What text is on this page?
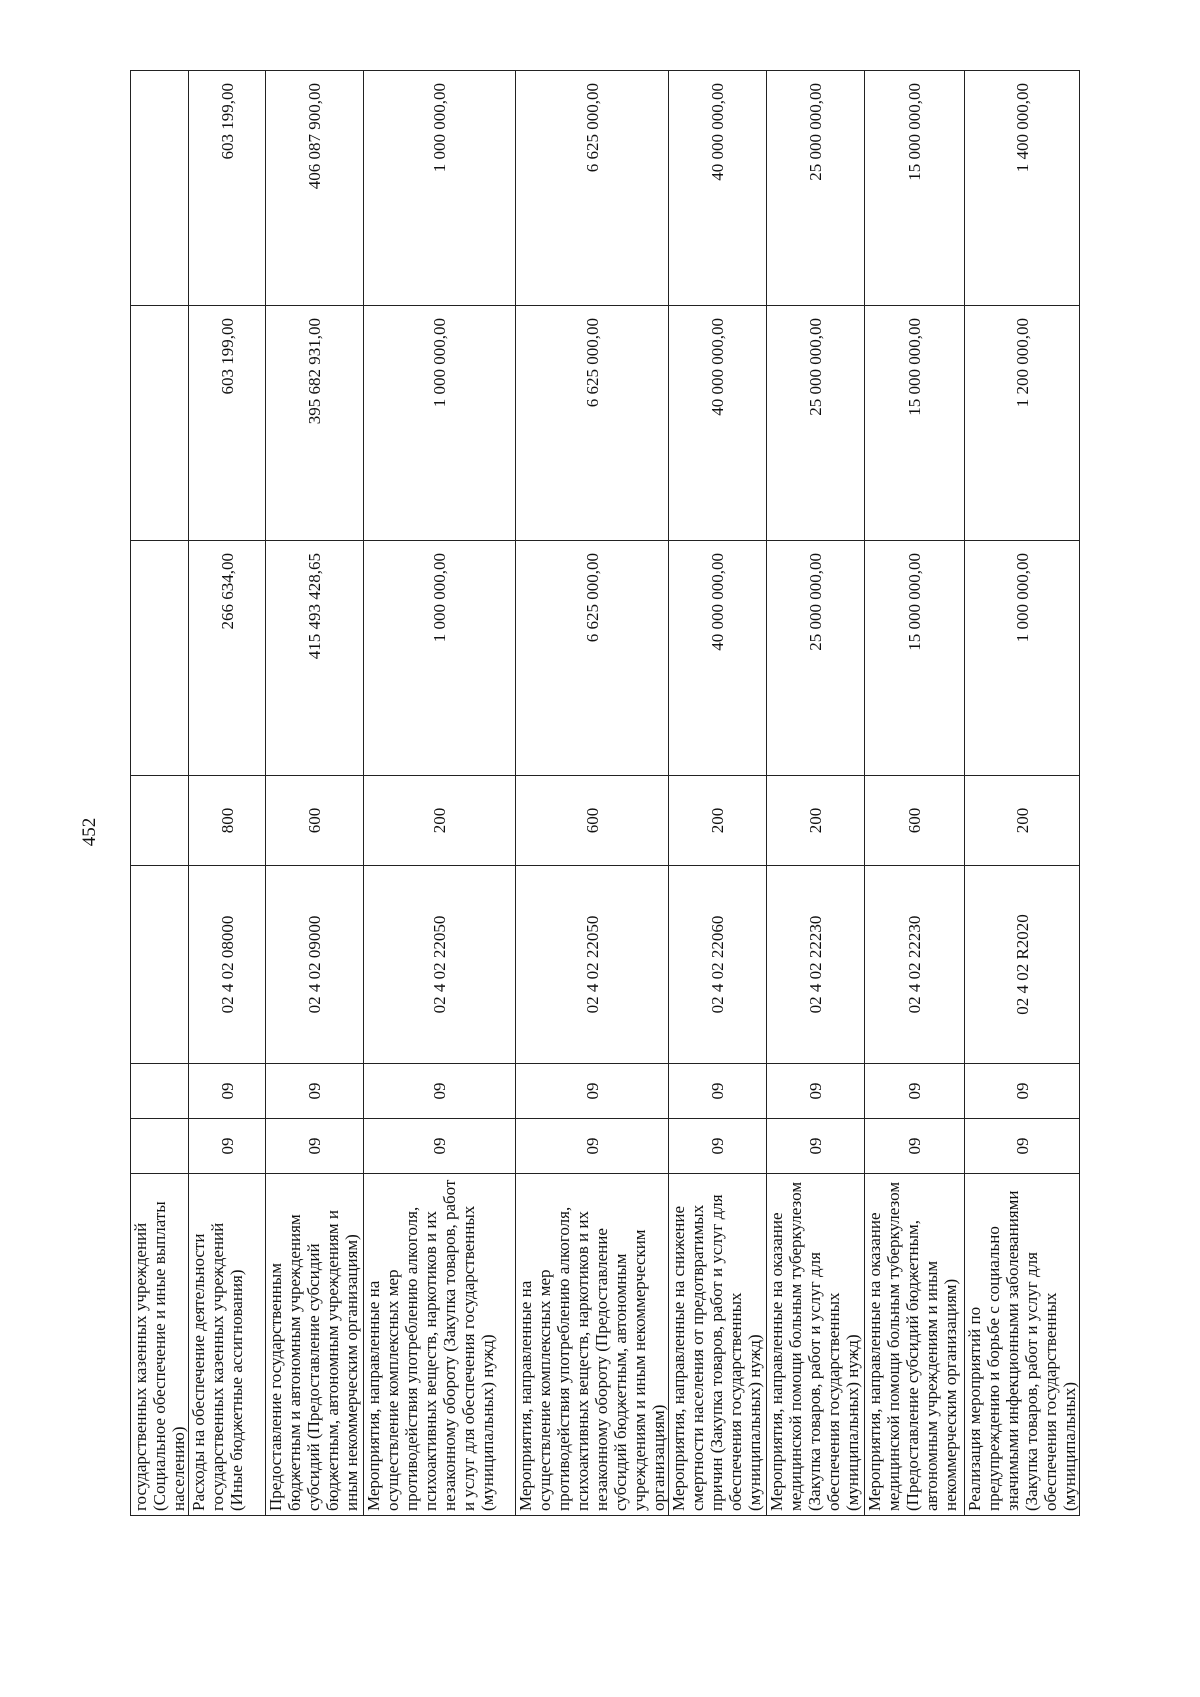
452
государственных казенных учреждений (Социальное обеспечение и иные выплаты населению)							
Расходы на обеспечение деятельности государственных казенных учреждений (Иные бюджетные ассигнования)	09	09	02 4 02 08000	800	266 634,00	603 199,00	603 199,00
Предоставление государственным бюджетным и автономным учреждениям субсидий (Предоставление субсидий бюджетным, автономным учреждениям и иным некоммерческим организациям)	09	09	02 4 02 09000	600	415 493 428,65	395 682 931,00	406 087 900,00
Мероприятия, направленные на осуществление комплексных мер противодействия употреблению алкоголя, психоактивных веществ, наркотиков и их незаконному обороту (Закупка товаров, работ и услуг для обеспечения государственных (муниципальных) нужд)	09	09	02 4 02 22050	200	1 000 000,00	1 000 000,00	1 000 000,00
Мероприятия, направленные на осуществление комплексных мер противодействия употреблению алкоголя, психоактивных веществ, наркотиков и их незаконному обороту (Предоставление субсидий бюджетным, автономным учреждениям и иным некоммерческим организациям)	09	09	02 4 02 22050	600	6 625 000,00	6 625 000,00	6 625 000,00
Мероприятия, направленные на снижение смертности населения от предотвратимых причин (Закупка товаров, работ и услуг для обеспечения государственных (муниципальных) нужд)	09	09	02 4 02 22060	200	40 000 000,00	40 000 000,00	40 000 000,00
Мероприятия, направленные на оказание медицинской помощи больным туберкулезом (Закупка товаров, работ и услуг для обеспечения государственных (муниципальных) нужд)	09	09	02 4 02 22230	200	25 000 000,00	25 000 000,00	25 000 000,00
Мероприятия, направленные на оказание медицинской помощи больным туберкулезом (Предоставление субсидий бюджетным, автономным учреждениям и иным некоммерческим организациям)	09	09	02 4 02 22230	600	15 000 000,00	15 000 000,00	15 000 000,00
Реализация мероприятий по предупреждению и борьбе с социально значимыми инфекционными заболеваниями (Закупка товаров, работ и услуг для обеспечения государственных (муниципальных)	09	09	02 4 02 R2020	200	1 000 000,00	1 200 000,00	1 400 000,00
